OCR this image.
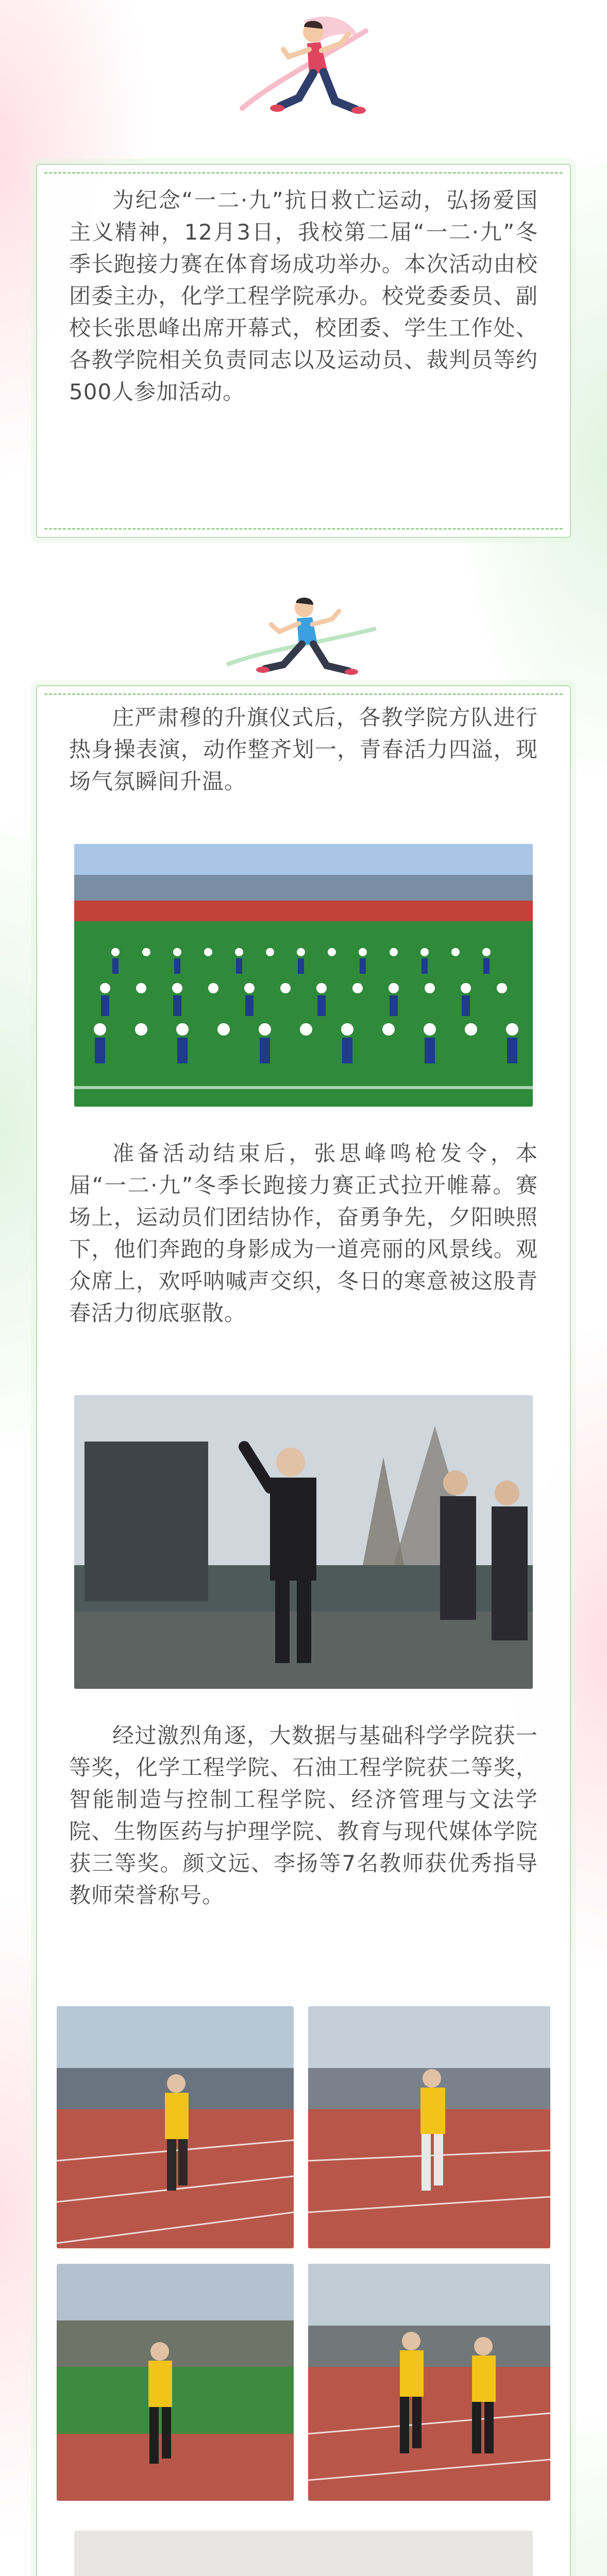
为纪念“一二·九”抗日救亡运动，弘扬爱国主义精神，12月3日，我校第二届“一二·九”冬季长跑接力赛在体育场成功举办。本次活动由校团委主办，化学工程学院承办。校党委委员、副校长张思峰出席开幕式，校团委、学生工作处、各教学院相关负责同志以及运动员、裁判员等约500人参加活动。
庄严肃穆的升旗仪式后，各教学院方队进行热身操表演，动作整齐划一，青春活力四溢，现场气氛瞬间升温。
准备活动结束后，张思峰鸣枪发令，本届“一二·九”冬季长跑接力赛正式拉开帷幕。赛场上，运动员们团结协作，奋勇争先，夕阳映照下，他们奔跑的身影成为一道亮丽的风景线。观众席上，欢呼呐喊声交织，冬日的寒意被这股青春活力彻底驱散。
经过激烈角逐，大数据与基础科学学院获一等奖，化学工程学院、石油工程学院获二等奖，智能制造与控制工程学院、经济管理与文法学院、生物医药与护理学院、教育与现代媒体学院获三等奖。颜文远、李扬等7名教师获优秀指导教师荣誉称号。
